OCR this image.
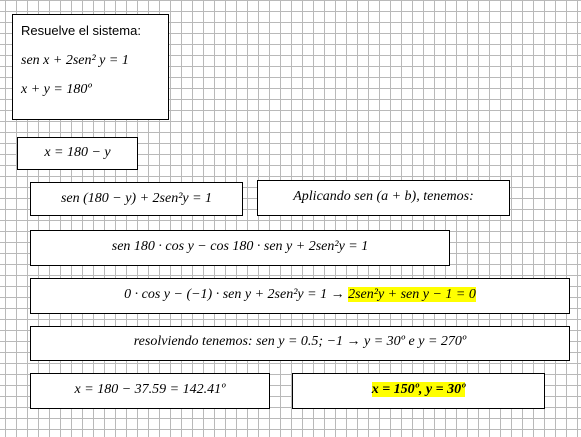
Resuelve el sistema:
sen x + 2sen² y = 1
x + y = 180º
x = 180 − y
sen (180 − y) + 2sen²y = 1	Aplicando sen (a + b), tenemos:
sen 180 · cos y − cos 180 · sen y + 2sen²y = 1
0 · cos y − (−1) · sen y + 2sen²y = 1 → 2sen²y + sen y − 1 = 0
resolviendo tenemos: sen y = 0.5; −1 → y = 30º e y = 270º
x = 180 − 37.59 = 142.41º	x = 150º, y = 30º
